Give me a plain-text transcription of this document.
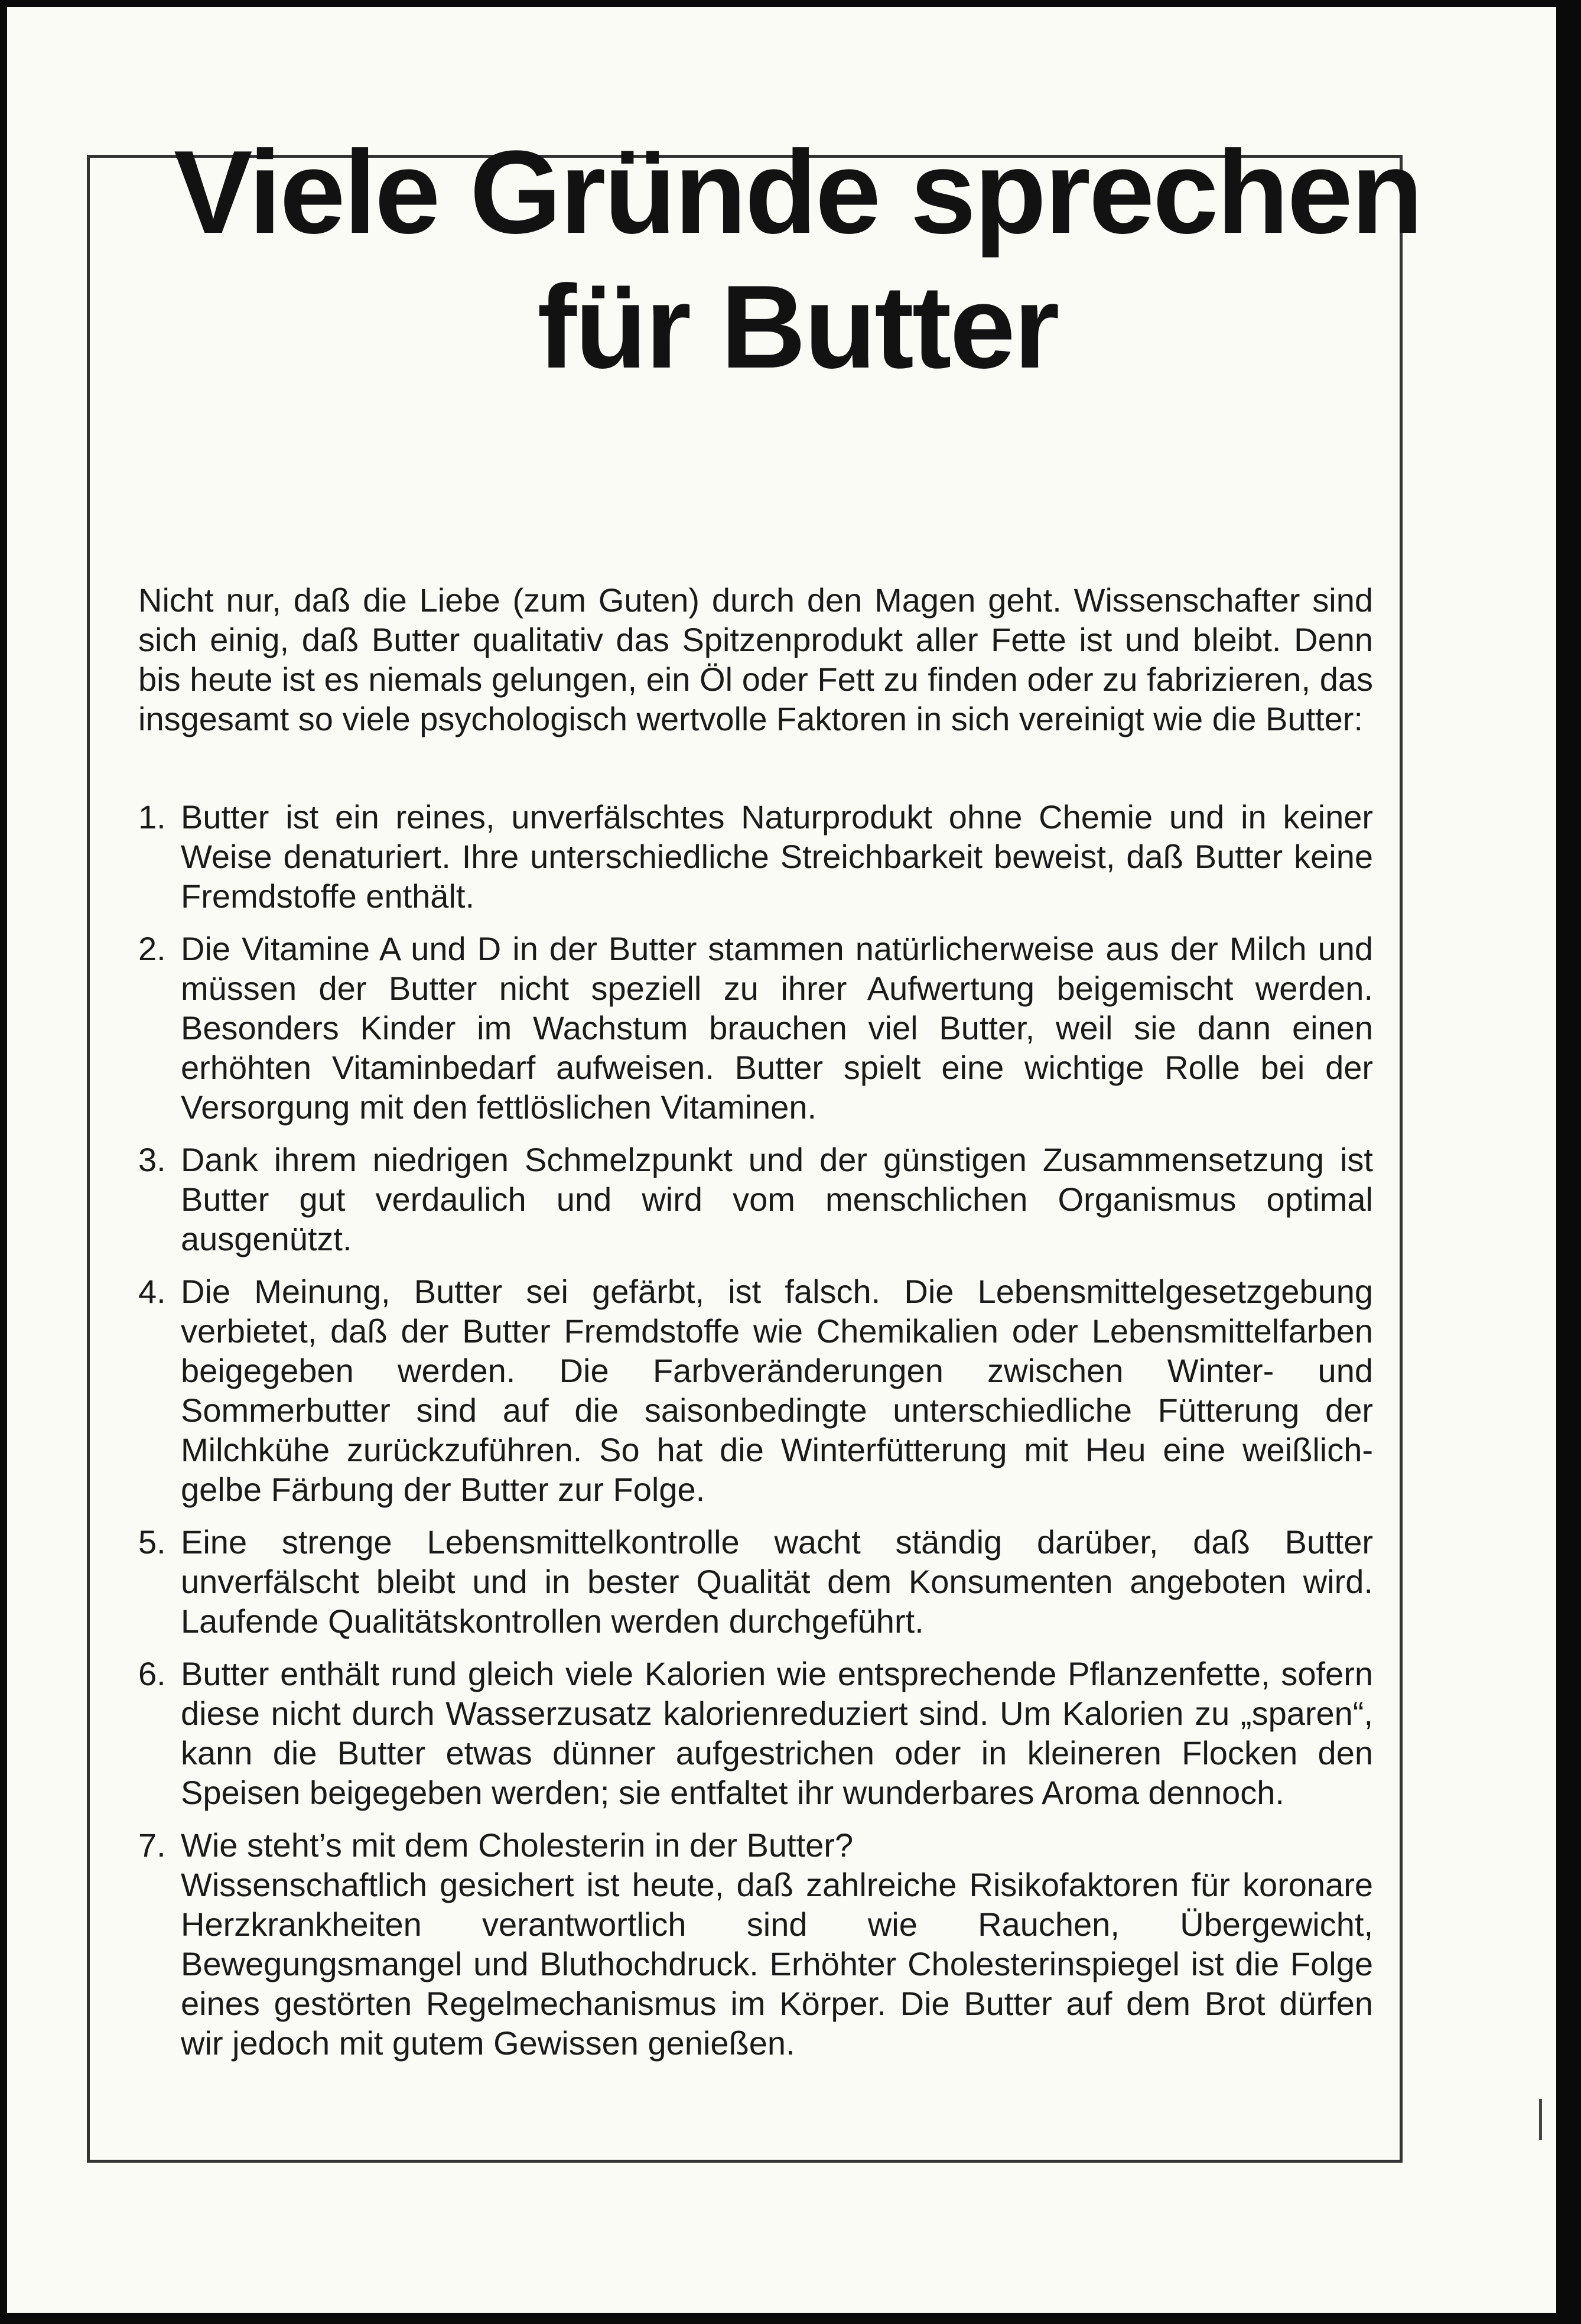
Viele Gründe sprechen
für Butter

Nicht nur, daß die Liebe (zum Guten) durch den Magen geht. Wissenschafter sind sich einig, daß Butter qualitativ das Spitzenprodukt aller Fette ist und bleibt. Denn bis heute ist es niemals gelungen, ein Öl oder Fett zu finden oder zu fabrizieren, das insgesamt so viele psychologisch wertvolle Faktoren in sich vereinigt wie die Butter:

1. Butter ist ein reines, unverfälschtes Naturprodukt ohne Chemie und in keiner Weise denaturiert. Ihre unterschiedliche Streichbarkeit beweist, daß Butter keine Fremdstoffe enthält.
2. Die Vitamine A und D in der Butter stammen natürlicherweise aus der Milch und müssen der Butter nicht speziell zu ihrer Aufwertung beigemischt werden. Besonders Kinder im Wachstum brauchen viel Butter, weil sie dann einen erhöhten Vitaminbedarf aufweisen. Butter spielt eine wichtige Rolle bei der Versorgung mit den fettlöslichen Vitaminen.
3. Dank ihrem niedrigen Schmelzpunkt und der günstigen Zusammensetzung ist Butter gut verdaulich und wird vom menschlichen Organismus optimal ausgenützt.
4. Die Meinung, Butter sei gefärbt, ist falsch. Die Lebensmittelgesetzgebung verbietet, daß der Butter Fremdstoffe wie Chemikalien oder Lebensmittelfarben beigegeben werden. Die Farbveränderungen zwischen Winter- und Sommerbutter sind auf die saisonbedingte unterschiedliche Fütterung der Milchkühe zurückzuführen. So hat die Winterfütterung mit Heu eine weißlich-gelbe Färbung der Butter zur Folge.
5. Eine strenge Lebensmittelkontrolle wacht ständig darüber, daß Butter unverfälscht bleibt und in bester Qualität dem Konsumenten angeboten wird. Laufende Qualitätskontrollen werden durchgeführt.
6. Butter enthält rund gleich viele Kalorien wie entsprechende Pflanzenfette, sofern diese nicht durch Wasserzusatz kalorienreduziert sind. Um Kalorien zu „sparen“, kann die Butter etwas dünner aufgestrichen oder in kleineren Flocken den Speisen beigegeben werden; sie entfaltet ihr wunderbares Aroma dennoch.
7. Wie steht’s mit dem Cholesterin in der Butter?
Wissenschaftlich gesichert ist heute, daß zahlreiche Risikofaktoren für koronare Herzkrankheiten verantwortlich sind wie Rauchen, Übergewicht, Bewegungsmangel und Bluthochdruck. Erhöhter Cholesterinspiegel ist die Folge eines gestörten Regelmechanismus im Körper. Die Butter auf dem Brot dürfen wir jedoch mit gutem Gewissen genießen.
